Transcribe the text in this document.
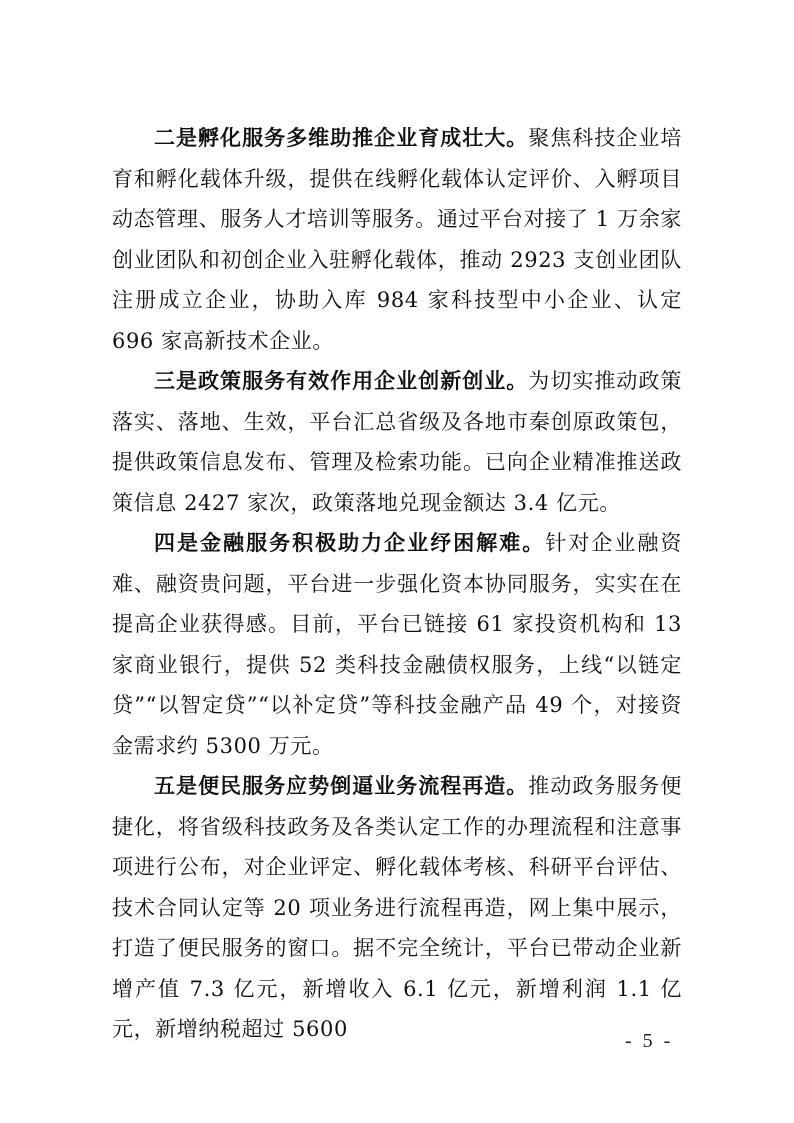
二是孵化服务多维助推企业育成壮大。聚焦科技企业培育和孵化载体升级，提供在线孵化载体认定评价、入孵项目动态管理、服务人才培训等服务。通过平台对接了 1 万余家创业团队和初创企业入驻孵化载体，推动 2923 支创业团队注册成立企业，协助入库 984 家科技型中小企业、认定 696 家高新技术企业。

三是政策服务有效作用企业创新创业。为切实推动政策落实、落地、生效，平台汇总省级及各地市秦创原政策包，提供政策信息发布、管理及检索功能。已向企业精准推送政策信息 2427 家次，政策落地兑现金额达 3.4 亿元。

四是金融服务积极助力企业纾困解难。针对企业融资难、融资贵问题，平台进一步强化资本协同服务，实实在在提高企业获得感。目前，平台已链接 61 家投资机构和 13 家商业银行，提供 52 类科技金融债权服务，上线“以链定贷”“以智定贷”“以补定贷”等科技金融产品 49 个，对接资金需求约 5300 万元。

五是便民服务应势倒逼业务流程再造。推动政务服务便捷化，将省级科技政务及各类认定工作的办理流程和注意事项进行公布，对企业评定、孵化载体考核、科研平台评估、技术合同认定等 20 项业务进行流程再造，网上集中展示，打造了便民服务的窗口。据不完全统计，平台已带动企业新增产值 7.3 亿元，新增收入 6.1 亿元，新增利润 1.1 亿元，新增纳税超过 5600	- 5 -
